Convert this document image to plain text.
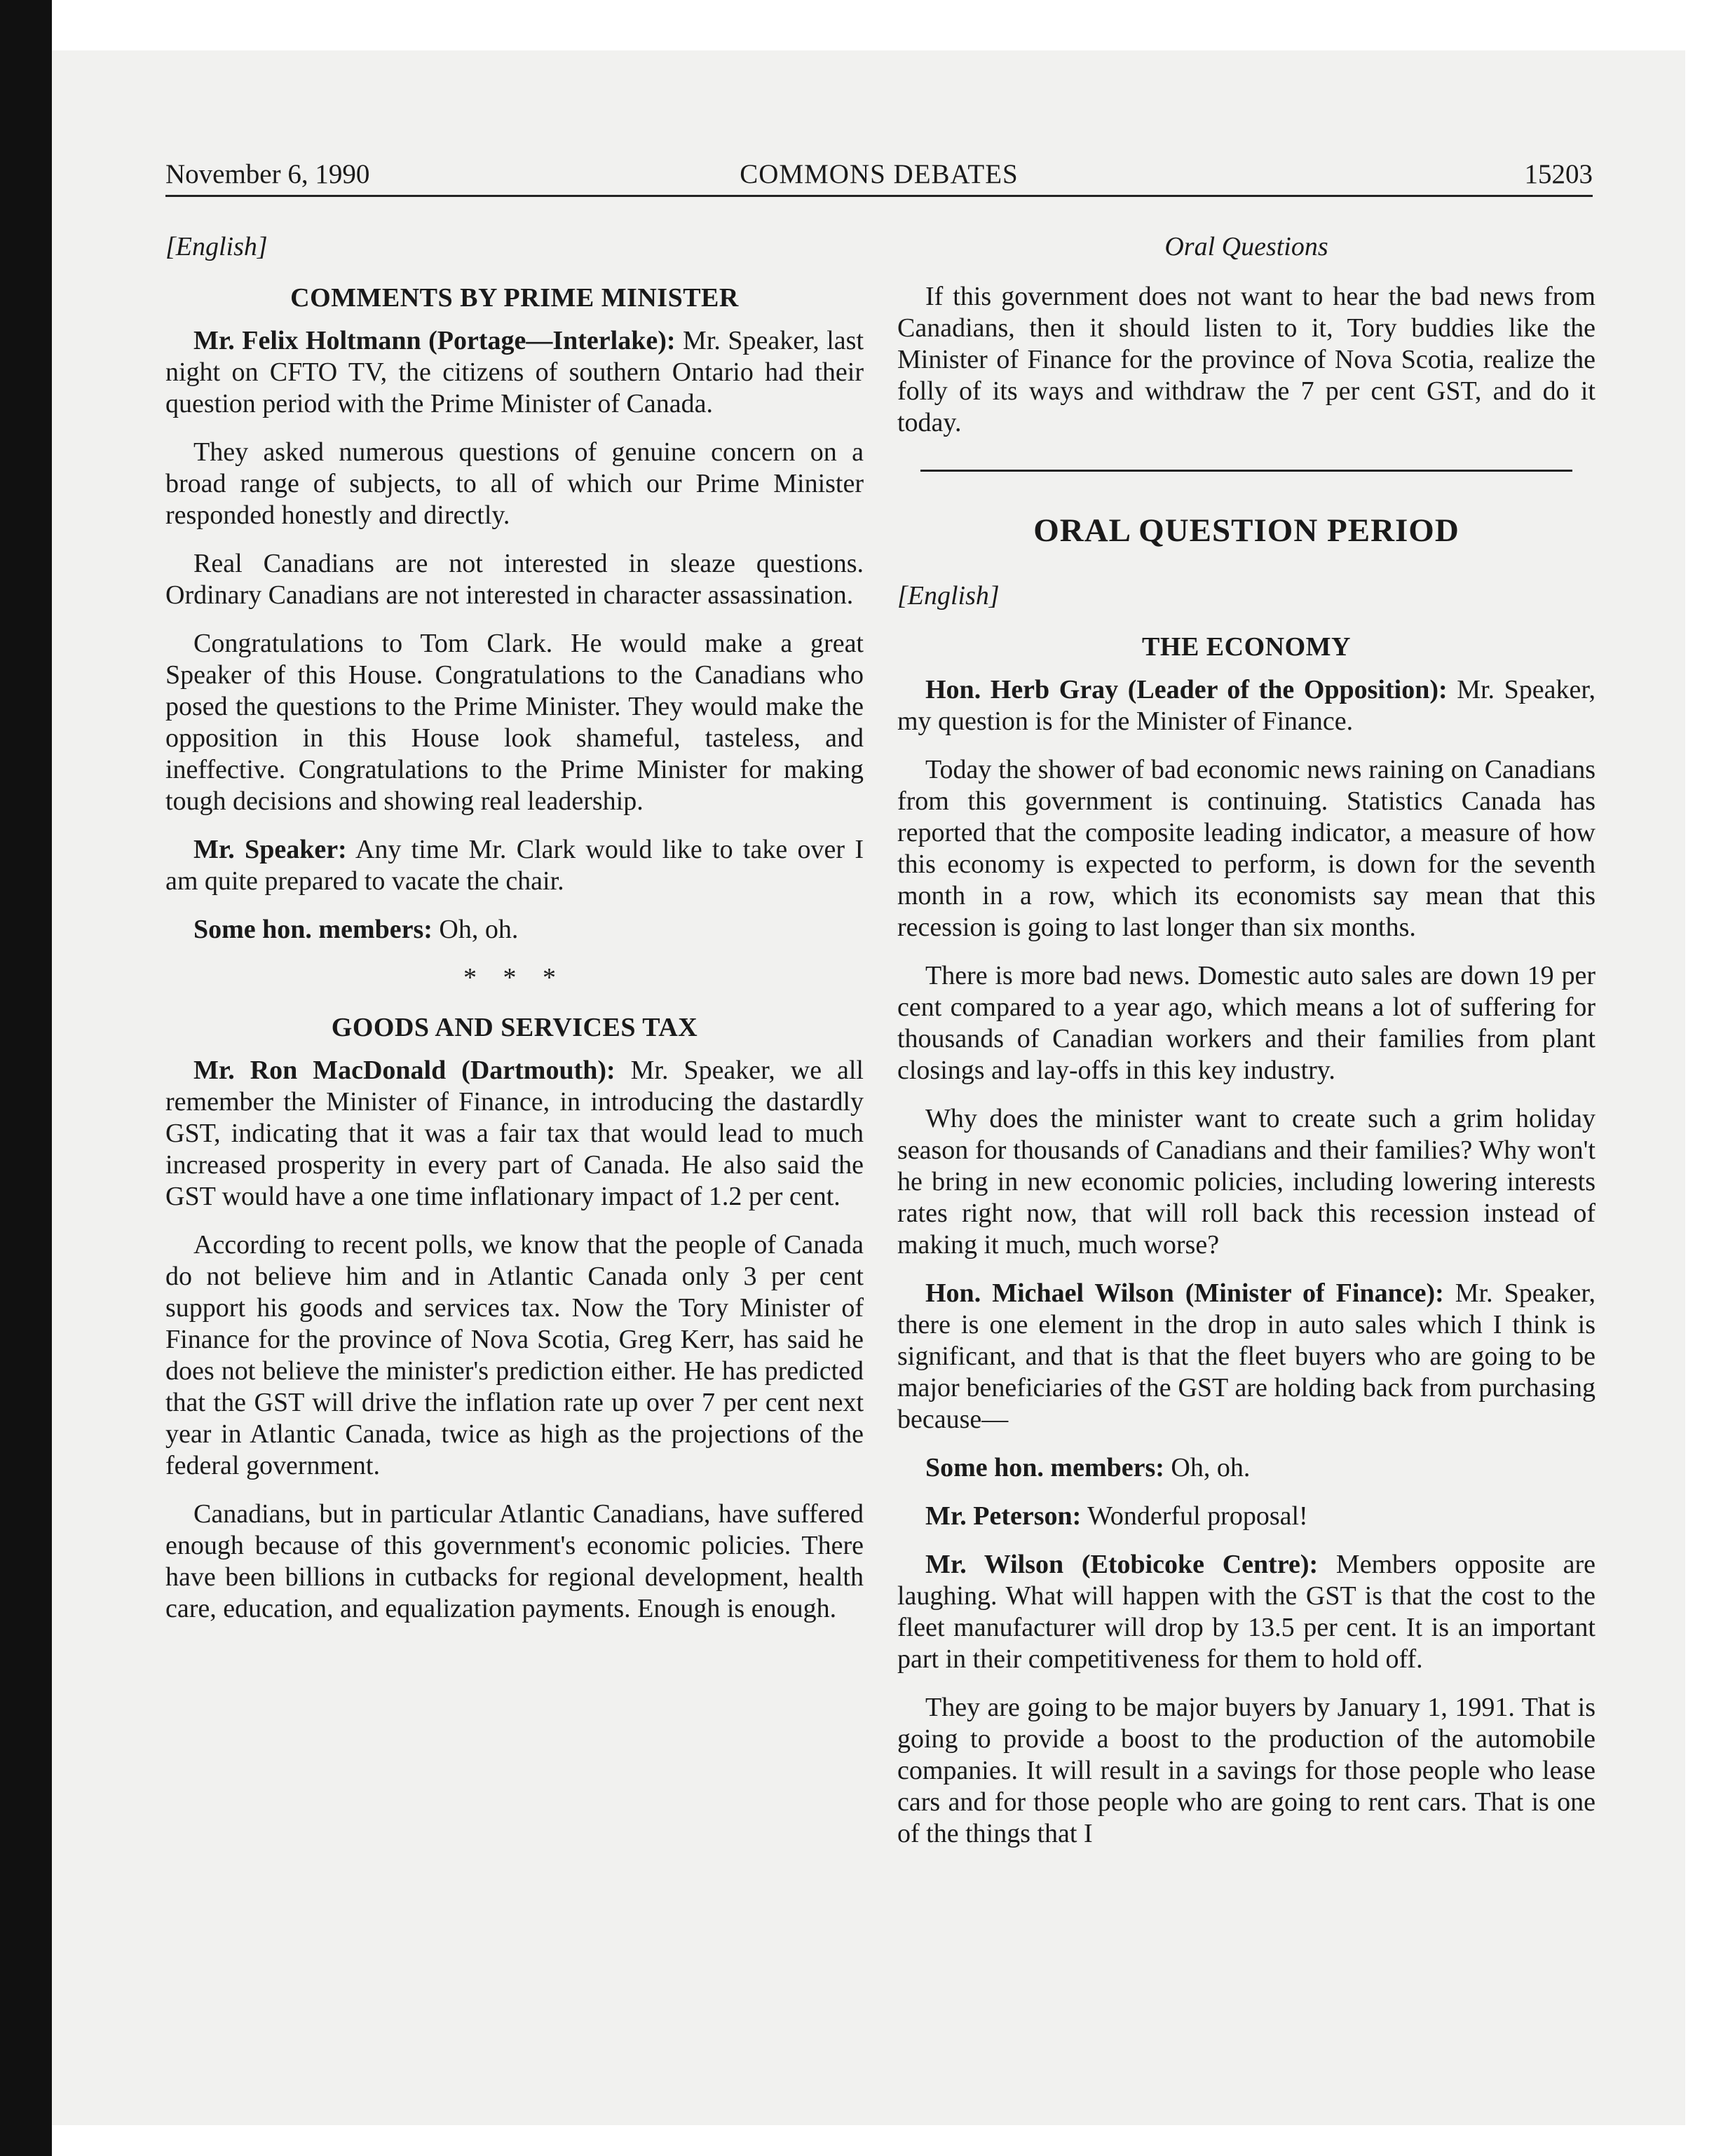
November 6, 1990	COMMONS DEBATES	15203

[English]

COMMENTS BY PRIME MINISTER

Mr. Felix Holtmann (Portage—Interlake): Mr. Speaker, last night on CFTO TV, the citizens of southern Ontario had their question period with the Prime Minister of Canada.

They asked numerous questions of genuine concern on a broad range of subjects, to all of which our Prime Minister responded honestly and directly.

Real Canadians are not interested in sleaze questions. Ordinary Canadians are not interested in character assassination.

Congratulations to Tom Clark. He would make a great Speaker of this House. Congratulations to the Canadians who posed the questions to the Prime Minister. They would make the opposition in this House look shameful, tasteless, and ineffective. Congratulations to the Prime Minister for making tough decisions and showing real leadership.

Mr. Speaker: Any time Mr. Clark would like to take over I am quite prepared to vacate the chair.

Some hon. members: Oh, oh.

* * *

GOODS AND SERVICES TAX

Mr. Ron MacDonald (Dartmouth): Mr. Speaker, we all remember the Minister of Finance, in introducing the dastardly GST, indicating that it was a fair tax that would lead to much increased prosperity in every part of Canada. He also said the GST would have a one time inflationary impact of 1.2 per cent.

According to recent polls, we know that the people of Canada do not believe him and in Atlantic Canada only 3 per cent support his goods and services tax. Now the Tory Minister of Finance for the province of Nova Scotia, Greg Kerr, has said he does not believe the minister's prediction either. He has predicted that the GST will drive the inflation rate up over 7 per cent next year in Atlantic Canada, twice as high as the projections of the federal government.

Canadians, but in particular Atlantic Canadians, have suffered enough because of this government's economic policies. There have been billions in cutbacks for regional development, health care, education, and equalization payments. Enough is enough.

Oral Questions

If this government does not want to hear the bad news from Canadians, then it should listen to it, Tory buddies like the Minister of Finance for the province of Nova Scotia, realize the folly of its ways and withdraw the 7 per cent GST, and do it today.

ORAL QUESTION PERIOD

[English]

THE ECONOMY

Hon. Herb Gray (Leader of the Opposition): Mr. Speaker, my question is for the Minister of Finance.

Today the shower of bad economic news raining on Canadians from this government is continuing. Statistics Canada has reported that the composite leading indicator, a measure of how this economy is expected to perform, is down for the seventh month in a row, which its economists say mean that this recession is going to last longer than six months.

There is more bad news. Domestic auto sales are down 19 per cent compared to a year ago, which means a lot of suffering for thousands of Canadian workers and their families from plant closings and lay-offs in this key industry.

Why does the minister want to create such a grim holiday season for thousands of Canadians and their families? Why won't he bring in new economic policies, including lowering interests rates right now, that will roll back this recession instead of making it much, much worse?

Hon. Michael Wilson (Minister of Finance): Mr. Speaker, there is one element in the drop in auto sales which I think is significant, and that is that the fleet buyers who are going to be major beneficiaries of the GST are holding back from purchasing because—

Some hon. members: Oh, oh.

Mr. Peterson: Wonderful proposal!

Mr. Wilson (Etobicoke Centre): Members opposite are laughing. What will happen with the GST is that the cost to the fleet manufacturer will drop by 13.5 per cent. It is an important part in their competitiveness for them to hold off.

They are going to be major buyers by January 1, 1991. That is going to provide a boost to the production of the automobile companies. It will result in a savings for those people who lease cars and for those people who are going to rent cars. That is one of the things that I
